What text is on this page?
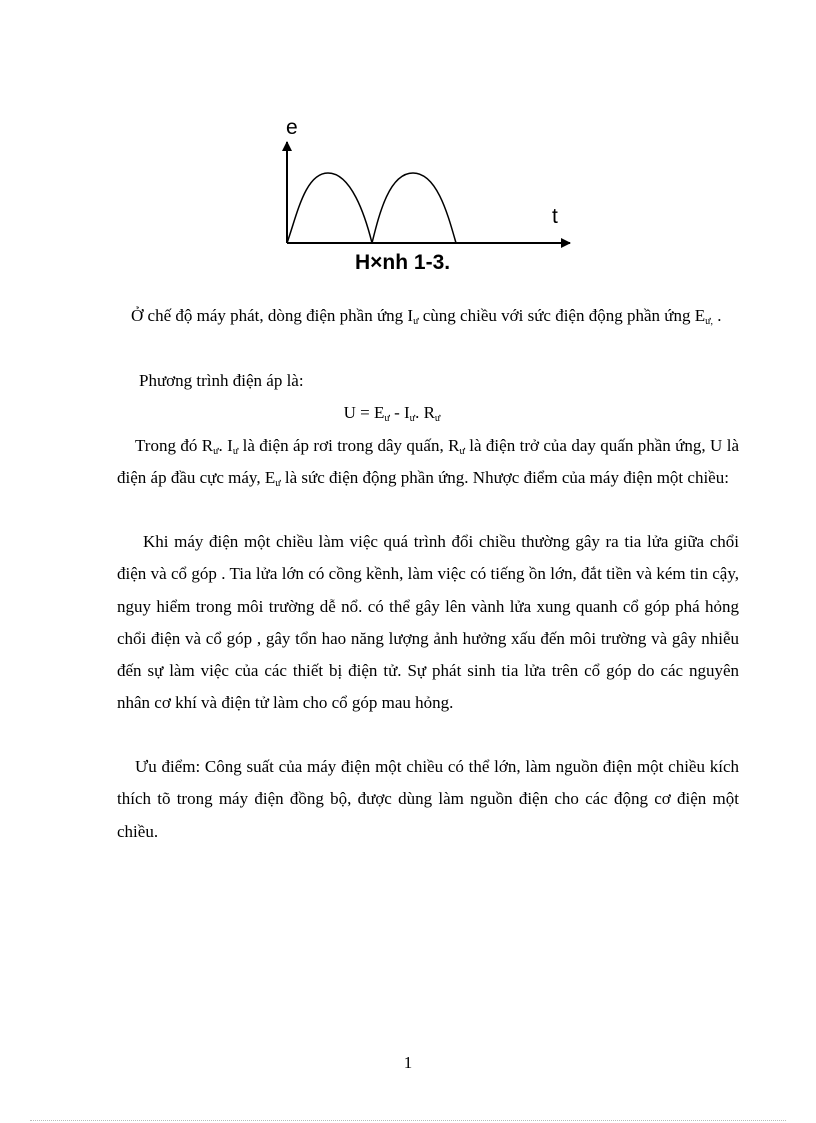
e
t
H×nh 1-3.

Ở chế độ máy phát, dòng điện phần ứng $I_ư$ cùng chiều với sức điện động phần ứng $E_{ư,}$ .

Phương trình điện áp là:

$U = E_ư - I_ư$. $R_ư$

Trong đó $R_ư$. $I_ư$ là điện áp rơi trong dây quấn, $R_ư$ là điện trở của day quấn phần ứng, U là điện áp đầu cực máy, $E_ư$ là sức điện động phần ứng. Nhược điểm của máy điện một chiều:

Khi máy điện một chiều làm việc quá trình đổi chiều thường gây ra tia lửa giữa chổi điện và cổ góp . Tia lửa lớn có cồng kềnh, làm việc có tiếng ồn lớn, đắt tiền và kém tin cậy, nguy hiểm trong môi trường dễ nổ. có thể gây lên vành lửa xung quanh cổ góp phá hỏng chổi điện và cổ góp , gây tổn hao năng lượng ảnh hưởng xấu đến môi trường và gây nhiễu đến sự làm việc của các thiết bị điện tử. Sự phát sinh tia lửa trên cổ góp do các nguyên nhân cơ khí và điện tử làm cho cổ góp mau hỏng.

Ưu điểm: Công suất của máy điện một chiều có thể lớn, làm nguồn điện một chiều kích thích tõ trong máy điện đồng bộ, được dùng làm nguồn điện cho các động cơ điện một chiều.

1
